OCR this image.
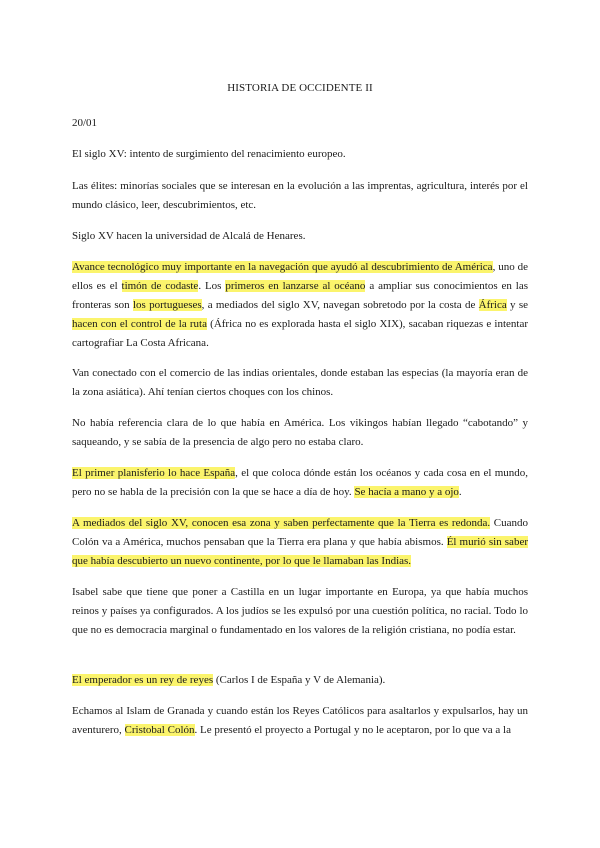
HISTORIA DE OCCIDENTE II

20/01

El siglo XV: intento de surgimiento del renacimiento europeo.

Las élites: minorías sociales que se interesan en la evolución a las imprentas, agricultura, interés por el mundo clásico, leer, descubrimientos, etc.

Siglo XV hacen la universidad de Alcalá de Henares.

Avance tecnológico muy importante en la navegación que ayudó al descubrimiento de América, uno de ellos es el timón de codaste. Los primeros en lanzarse al océano a ampliar sus conocimientos en las fronteras son los portugueses, a mediados del siglo XV, navegan sobretodo por la costa de África y se hacen con el control de la ruta (África no es explorada hasta el siglo XIX), sacaban riquezas e intentar cartografiar La Costa Africana.

Van conectado con el comercio de las indias orientales, donde estaban las especias (la mayoría eran de la zona asiática). Ahí tenían ciertos choques con los chinos.

No había referencia clara de lo que había en América. Los vikingos habían llegado “cabotando” y saqueando, y se sabía de la presencia de algo pero no estaba claro.

El primer planisferio lo hace España, el que coloca dónde están los océanos y cada cosa en el mundo, pero no se habla de la precisión con la que se hace a día de hoy. Se hacía a mano y a ojo.

A mediados del siglo XV, conocen esa zona y saben perfectamente que la Tierra es redonda. Cuando Colón va a América, muchos pensaban que la Tierra era plana y que había abismos. Él murió sin saber que había descubierto un nuevo continente, por lo que le llamaban las Indias.

Isabel sabe que tiene que poner a Castilla en un lugar importante en Europa, ya que había muchos reinos y países ya configurados. A los judíos se les expulsó por una cuestión política, no racial. Todo lo que no es democracia marginal o fundamentado en los valores de la religión cristiana, no podía estar.

El emperador es un rey de reyes (Carlos I de España y V de Alemania).

Echamos al Islam de Granada y cuando están los Reyes Católicos para asaltarlos y expulsarlos, hay un aventurero, Cristobal Colón. Le presentó el proyecto a Portugal y no le aceptaron, por lo que va a la
